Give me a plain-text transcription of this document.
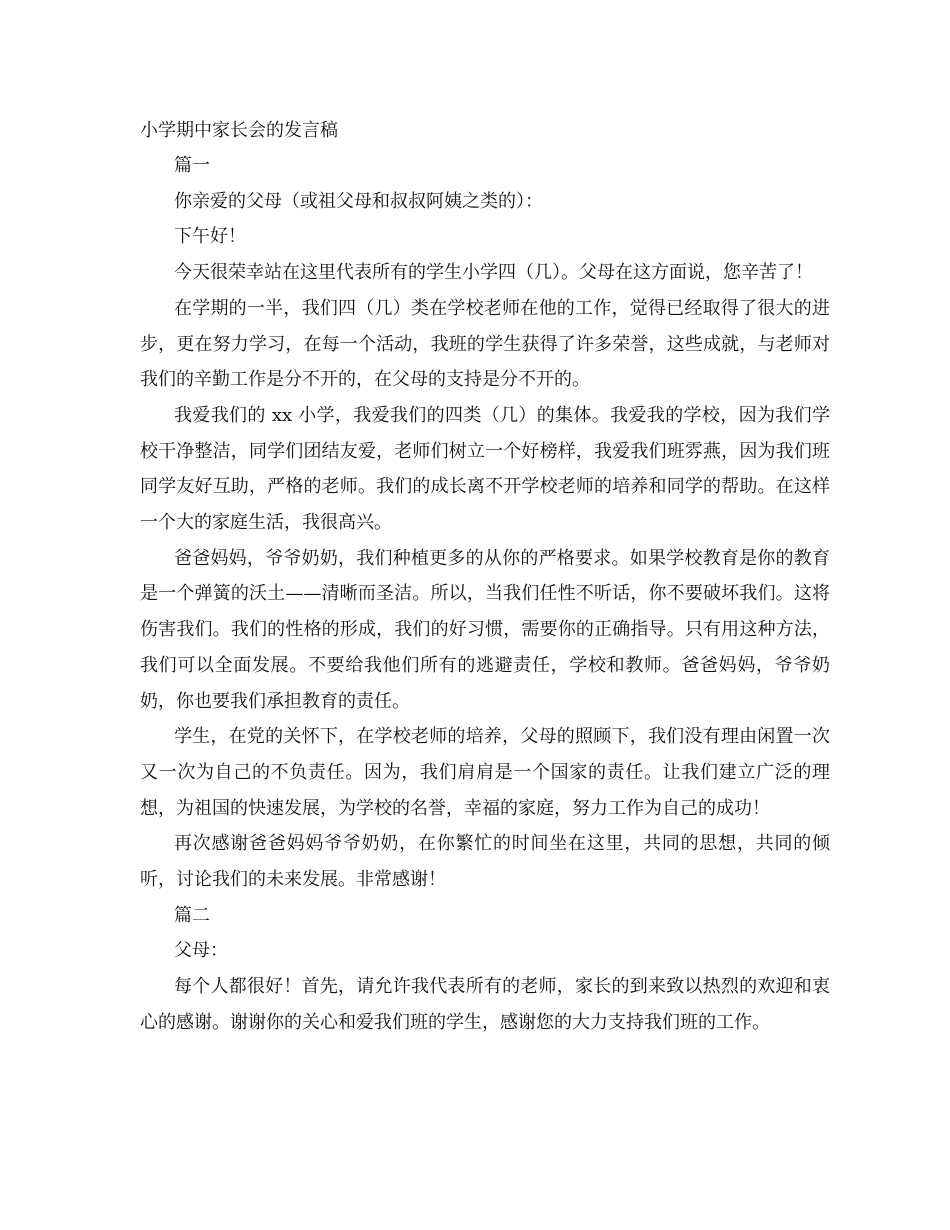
小学期中家长会的发言稿

篇一

你亲爱的父母（或祖父母和叔叔阿姨之类的）：

下午好！

今天很荣幸站在这里代表所有的学生小学四（几）。父母在这方面说，您辛苦了！

在学期的一半，我们四（几）类在学校老师在他的工作，觉得已经取得了很大的进步，更在努力学习，在每一个活动，我班的学生获得了许多荣誉，这些成就，与老师对我们的辛勤工作是分不开的，在父母的支持是分不开的。

我爱我们的 xx 小学，我爱我们的四类（几）的集体。我爱我的学校，因为我们学校干净整洁，同学们团结友爱，老师们树立一个好榜样，我爱我们班雰燕，因为我们班同学友好互助，严格的老师。我们的成长离不开学校老师的培养和同学的帮助。在这样一个大的家庭生活，我很高兴。

爸爸妈妈，爷爷奶奶，我们种植更多的从你的严格要求。如果学校教育是你的教育是一个弹簧的沃土——清晰而圣洁。所以，当我们任性不听话，你不要破坏我们。这将伤害我们。我们的性格的形成，我们的好习惯，需要你的正确指导。只有用这种方法，我们可以全面发展。不要给我他们所有的逃避责任，学校和教师。爸爸妈妈，爷爷奶奶，你也要我们承担教育的责任。

学生，在党的关怀下，在学校老师的培养，父母的照顾下，我们没有理由闲置一次又一次为自己的不负责任。因为，我们肩肩是一个国家的责任。让我们建立广泛的理想，为祖国的快速发展，为学校的名誉，幸福的家庭，努力工作为自己的成功！

再次感谢爸爸妈妈爷爷奶奶，在你繁忙的时间坐在这里，共同的思想，共同的倾听，讨论我们的未来发展。非常感谢！

篇二

父母：

每个人都很好！首先，请允许我代表所有的老师，家长的到来致以热烈的欢迎和衷心的感谢。谢谢你的关心和爱我们班的学生，感谢您的大力支持我们班的工作。
